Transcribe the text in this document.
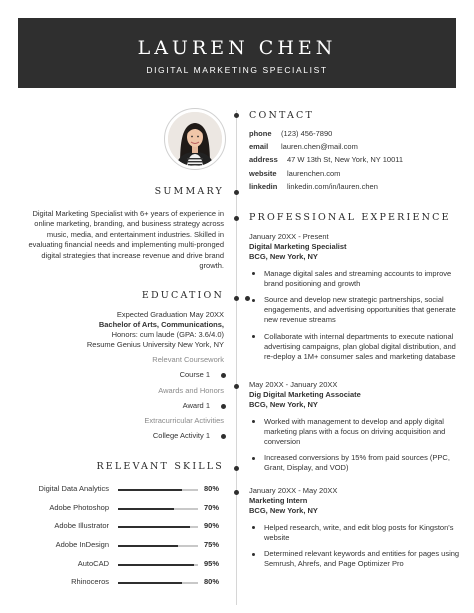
LAUREN CHEN
DIGITAL MARKETING SPECIALIST
SUMMARY
Digital Marketing Specialist with 6+ years of experience in online marketing, branding, and business strategy across music, media, and entertainment industries. Skilled in evaluating financial needs and implementing multi-pronged digital strategies that increase revenue and drive brand growth.
EDUCATION
Expected Graduation May 20XX
Bachelor of Arts, Communications,
Honors: cum laude (GPA: 3.6/4.0)
Resume Genius University New York, NY
Relevant Coursework
Course 1
Awards and Honors
Award 1
Extracurricular Activities
College Activity 1
RELEVANT SKILLS
Digital Data Analytics	80%
Adobe Photoshop	70%
Adobe Illustrator	90%
Adobe InDesign	75%
AutoCAD	95%
Rhinoceros	80%
CONTACT
phone (123) 456-7890
email lauren.chen@mail.com
address 47 W 13th St, New York, NY 10011
website laurenchen.com
linkedin linkedin.com/in/lauren.chen
PROFESSIONAL EXPERIENCE
January 20XX - Present
Digital Marketing Specialist
BCG, New York, NY
Manage digital sales and streaming accounts to improve brand positioning and growth
Source and develop new strategic partnerships, social engagements, and advertising opportunities that generate new revenue streams
Collaborate with internal departments to execute national advertising campaigns, plan global digital distribution, and re-deploy a 1M+ consumer sales and marketing database
May 20XX - January 20XX
Dig Digital Marketing Associate
BCG, New York, NY
Worked with management to develop and apply digital marketing plans with a focus on driving acquisition and conversion
Increased conversions by 15% from paid sources (PPC, Grant, Display, and VOD)
January 20XX - May 20XX
Marketing Intern
BCG, New York, NY
Helped research, write, and edit blog posts for Kingston's website
Determined relevant keywords and entities for pages using Semrush, Ahrefs, and Page Optimizer Pro
